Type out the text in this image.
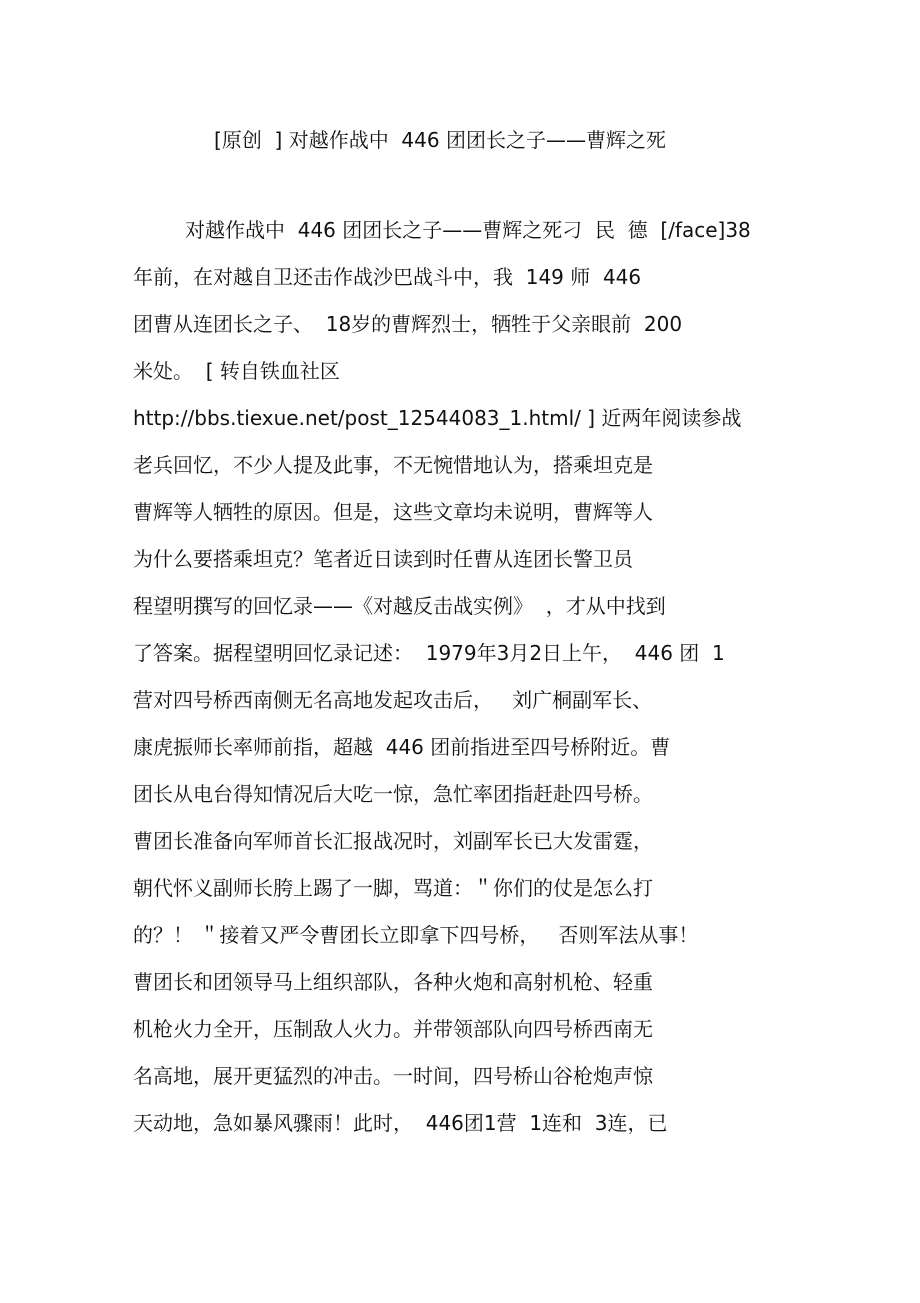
[原创  ] 对越作战中  446 团团长之子——曹辉之死
对越作战中  446 团团长之子——曹辉之死刁  民  德  [/face]38
年前，在对越自卫还击作战沙巴战斗中，我  149 师  446
团曹从连团长之子、  18岁的曹辉烈士，牺牲于父亲眼前  200
米处。  [ 转自铁血社区
http://bbs.tiexue.net/post_12544083_1.html/ ] 近两年阅读参战
老兵回忆，不少人提及此事，不无惋惜地认为，搭乘坦克是
曹辉等人牺牲的原因。但是，这些文章均未说明，曹辉等人
为什么要搭乘坦克？笔者近日读到时任曹从连团长警卫员
程望明撰写的回忆录——《对越反击战实例》  ，才从中找到
了答案。据程望明回忆录记述：  1979年3月2日上午，  446 团  1
营对四号桥西南侧无名高地发起攻击后，   刘广桐副军长、
康虎振师长率师前指，超越  446 团前指进至四号桥附近。曹
团长从电台得知情况后大吃一惊，急忙率团指赶赴四号桥。
曹团长准备向军师首长汇报战况时，刘副军长已大发雷霆，
朝代怀义副师长胯上踢了一脚，骂道：＂你们的仗是怎么打
的？！ ＂接着又严令曹团长立即拿下四号桥，   否则军法从事！
曹团长和团领导马上组织部队，各种火炮和高射机枪、轻重
机枪火力全开，压制敌人火力。并带领部队向四号桥西南无
名高地，展开更猛烈的冲击。一时间，四号桥山谷枪炮声惊
天动地，急如暴风骤雨！此时，  446团1营  1连和  3连，已
